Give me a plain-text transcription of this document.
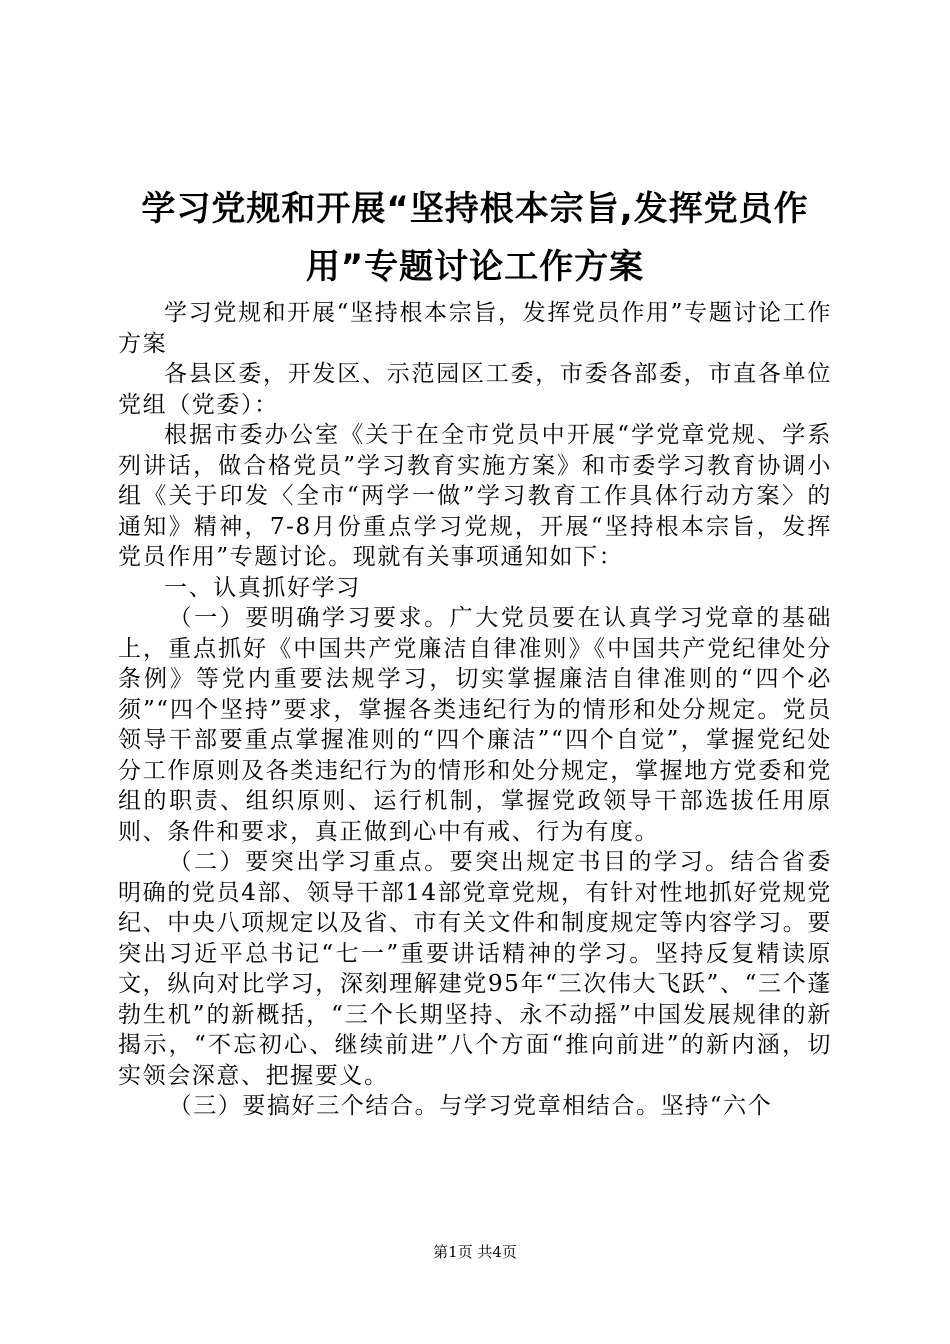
学习党规和开展“坚持根本宗旨,发挥党员作用”专题讨论工作方案

学习党规和开展“坚持根本宗旨，发挥党员作用”专题讨论工作方案

各县区委，开发区、示范园区工委，市委各部委，市直各单位党组（党委）：

根据市委办公室《关于在全市党员中开展“学党章党规、学系列讲话，做合格党员”学习教育实施方案》和市委学习教育协调小组《关于印发〈全市“两学一做”学习教育工作具体行动方案〉的通知》精神，7-8月份重点学习党规，开展“坚持根本宗旨，发挥党员作用”专题讨论。现就有关事项通知如下：

一、认真抓好学习

（一）要明确学习要求。广大党员要在认真学习党章的基础上，重点抓好《中国共产党廉洁自律准则》《中国共产党纪律处分条例》等党内重要法规学习，切实掌握廉洁自律准则的“四个必须”“四个坚持”要求，掌握各类违纪行为的情形和处分规定。党员领导干部要重点掌握准则的“四个廉洁”“四个自觉”，掌握党纪处分工作原则及各类违纪行为的情形和处分规定，掌握地方党委和党组的职责、组织原则、运行机制，掌握党政领导干部选拔任用原则、条件和要求，真正做到心中有戒、行为有度。

（二）要突出学习重点。要突出规定书目的学习。结合省委明确的党员4部、领导干部14部党章党规，有针对性地抓好党规党纪、中央八项规定以及省、市有关文件和制度规定等内容学习。要突出习近平总书记“七一”重要讲话精神的学习。坚持反复精读原文，纵向对比学习，深刻理解建党95年“三次伟大飞跃”、“三个蓬勃生机”的新概括，“三个长期坚持、永不动摇”中国发展规律的新揭示，“不忘初心、继续前进”八个方面“推向前进”的新内涵，切实领会深意、把握要义。

（三）要搞好三个结合。与学习党章相结合。坚持“六个

第1页 共4页
